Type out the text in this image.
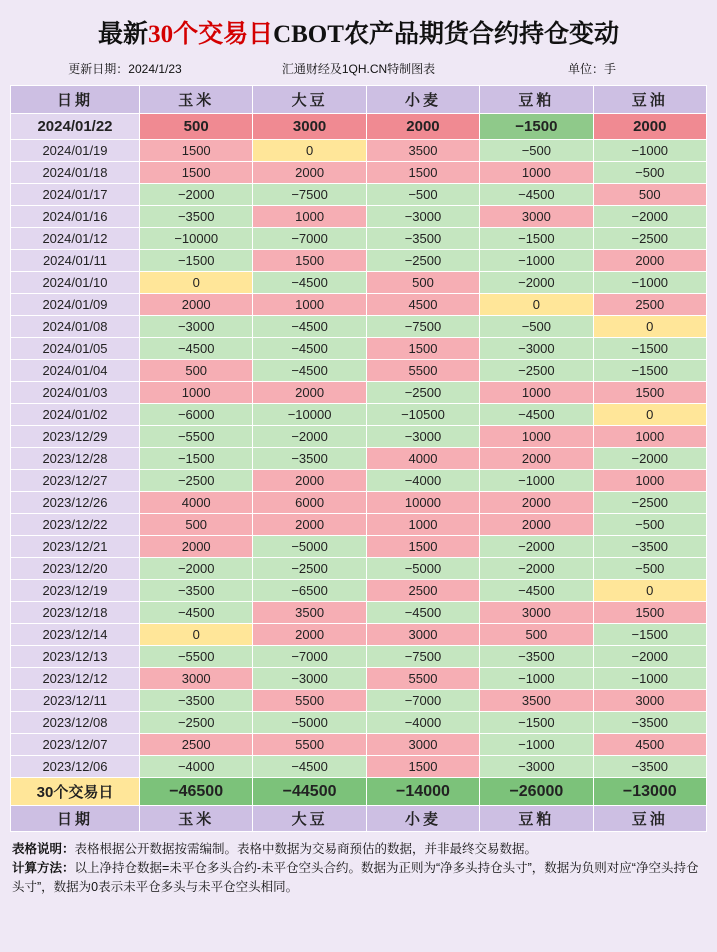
最新30个交易日CBOT农产品期货合约持仓变动
更新日期：2024/1/23	汇通财经及1QH.CN特制图表	单位：手
日期	玉米	大豆	小麦	豆粕	豆油
2024/01/22	500	3000	2000	−1500	2000
2024/01/19	1500	0	3500	−500	−1000
2024/01/18	1500	2000	1500	1000	−500
2024/01/17	−2000	−7500	−500	−4500	500
2024/01/16	−3500	1000	−3000	3000	−2000
2024/01/12	−10000	−7000	−3500	−1500	−2500
2024/01/11	−1500	1500	−2500	−1000	2000
2024/01/10	0	−4500	500	−2000	−1000
2024/01/09	2000	1000	4500	0	2500
2024/01/08	−3000	−4500	−7500	−500	0
2024/01/05	−4500	−4500	1500	−3000	−1500
2024/01/04	500	−4500	5500	−2500	−1500
2024/01/03	1000	2000	−2500	1000	1500
2024/01/02	−6000	−10000	−10500	−4500	0
2023/12/29	−5500	−2000	−3000	1000	1000
2023/12/28	−1500	−3500	4000	2000	−2000
2023/12/27	−2500	2000	−4000	−1000	1000
2023/12/26	4000	6000	10000	2000	−2500
2023/12/22	500	2000	1000	2000	−500
2023/12/21	2000	−5000	1500	−2000	−3500
2023/12/20	−2000	−2500	−5000	−2000	−500
2023/12/19	−3500	−6500	2500	−4500	0
2023/12/18	−4500	3500	−4500	3000	1500
2023/12/14	0	2000	3000	500	−1500
2023/12/13	−5500	−7000	−7500	−3500	−2000
2023/12/12	3000	−3000	5500	−1000	−1000
2023/12/11	−3500	5500	−7000	3500	3000
2023/12/08	−2500	−5000	−4000	−1500	−3500
2023/12/07	2500	5500	3000	−1000	4500
2023/12/06	−4000	−4500	1500	−3000	−3500
30个交易日	−46500	−44500	−14000	−26000	−13000
日期	玉米	大豆	小麦	豆粕	豆油
表格说明：表格根据公开数据按需编制。表格中数据为交易商预估的数据，并非最终交易数据。
计算方法：以上净持仓数据=未平仓多头合约-未平仓空头合约。数据为正则为“净多头持仓头寸”，数据为负则对应“净空头持仓头寸”，数据为0表示未平仓多头与未平仓空头相同。
